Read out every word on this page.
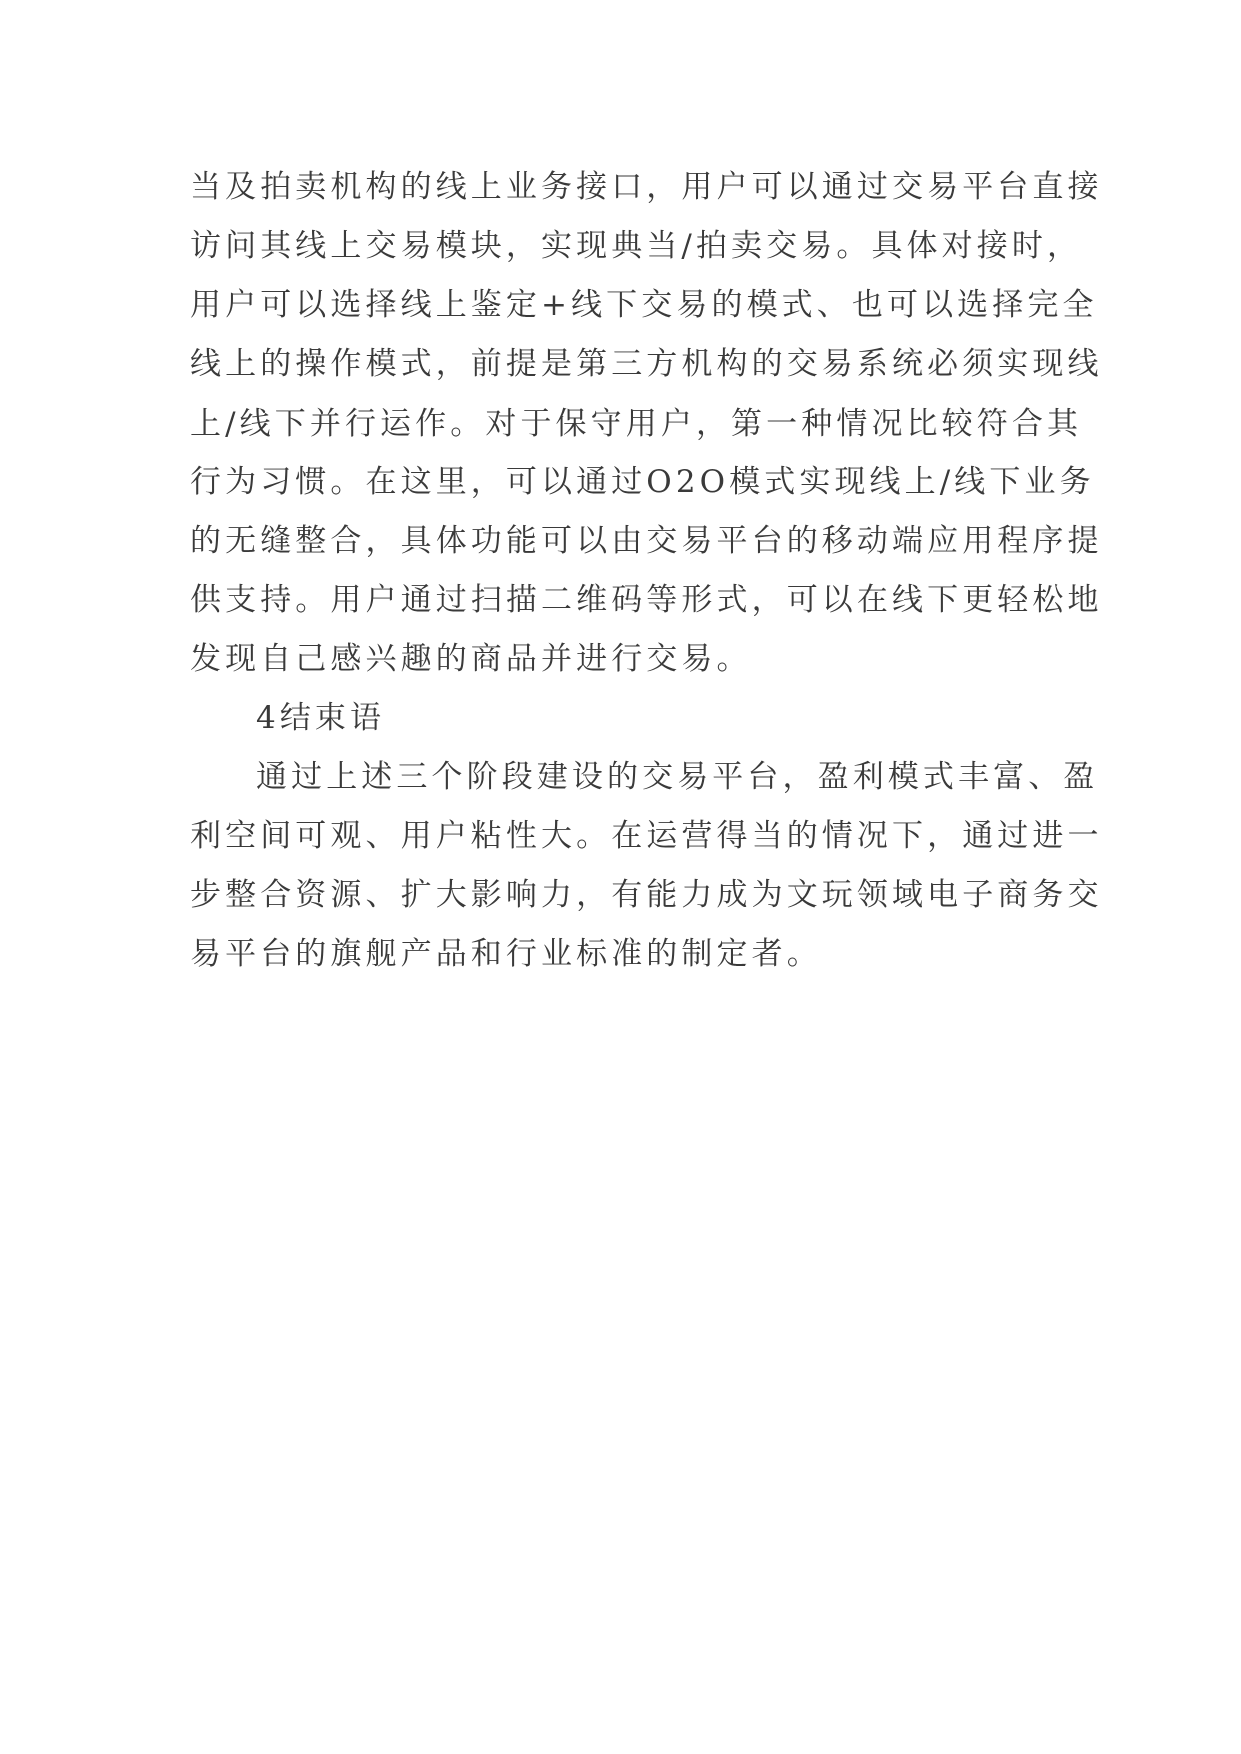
当及拍卖机构的线上业务接口，用户可以通过交易平台直接
访问其线上交易模块，实现典当/拍卖交易。具体对接时，
用户可以选择线上鉴定+线下交易的模式、也可以选择完全
线上的操作模式，前提是第三方机构的交易系统必须实现线
上/线下并行运作。对于保守用户，第一种情况比较符合其
行为习惯。在这里，可以通过O2O模式实现线上/线下业务
的无缝整合，具体功能可以由交易平台的移动端应用程序提
供支持。用户通过扫描二维码等形式，可以在线下更轻松地
发现自己感兴趣的商品并进行交易。
4结束语
通过上述三个阶段建设的交易平台，盈利模式丰富、盈
利空间可观、用户粘性大。在运营得当的情况下，通过进一
步整合资源、扩大影响力，有能力成为文玩领域电子商务交
易平台的旗舰产品和行业标准的制定者。
